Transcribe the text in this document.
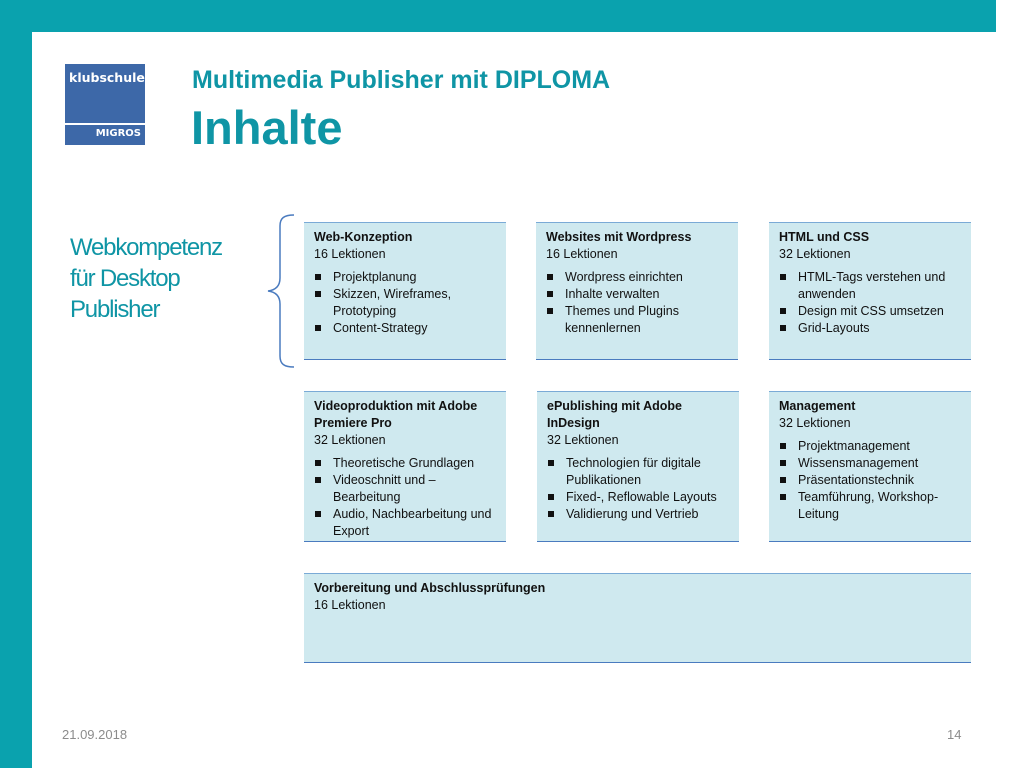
klubschule
MIGROS
Multimedia Publisher mit DIPLOMA
Inhalte
Webkompetenz
für Desktop
Publisher
Web-Konzeption
16 Lektionen
Projektplanung
Skizzen, Wireframes, Prototyping
Content-Strategy
Websites mit Wordpress
16 Lektionen
Wordpress einrichten
Inhalte verwalten
Themes und Plugins kennenlernen
HTML und CSS
32 Lektionen
HTML-Tags verstehen und anwenden
Design mit CSS umsetzen
Grid-Layouts
Videoproduktion mit Adobe
Premiere Pro
32 Lektionen
Theoretische Grundlagen
Videoschnitt und – Bearbeitung
Audio, Nachbearbeitung und Export
ePublishing mit Adobe
InDesign
32 Lektionen
Technologien für digitale Publikationen
Fixed-, Reflowable Layouts
Validierung und Vertrieb
Management
32 Lektionen
Projektmanagement
Wissensmanagement
Präsentationstechnik
Teamführung, Workshop-Leitung
Vorbereitung und Abschlussprüfungen
16 Lektionen
21.09.2018	14
